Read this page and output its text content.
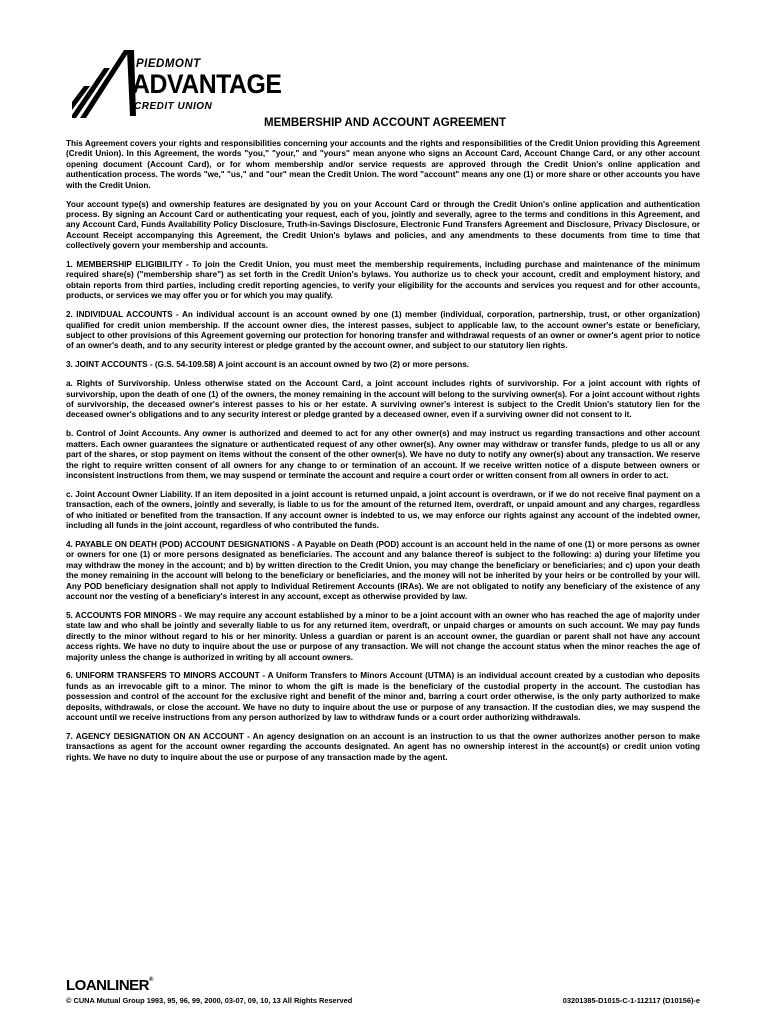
PIEDMONT
ADVANTAGE
CREDIT UNION
MEMBERSHIP AND ACCOUNT AGREEMENT

This Agreement covers your rights and responsibilities concerning your accounts and the rights and responsibilities of the Credit Union providing this Agreement (Credit Union). In this Agreement, the words "you," "your," and "yours" mean anyone who signs an Account Card, Account Change Card, or any other account opening document (Account Card), or for whom membership and/or service requests are approved through the Credit Union's online application and authentication process. The words "we," "us," and "our" mean the Credit Union. The word "account" means any one (1) or more share or other accounts you have with the Credit Union.

Your account type(s) and ownership features are designated by you on your Account Card or through the Credit Union's online application and authentication process. By signing an Account Card or authenticating your request, each of you, jointly and severally, agree to the terms and conditions in this Agreement, and any Account Card, Funds Availability Policy Disclosure, Truth-in-Savings Disclosure, Electronic Fund Transfers Agreement and Disclosure, Privacy Disclosure, or Account Receipt accompanying this Agreement, the Credit Union's bylaws and policies, and any amendments to these documents from time to time that collectively govern your membership and accounts.

1. MEMBERSHIP ELIGIBILITY - To join the Credit Union, you must meet the membership requirements, including purchase and maintenance of the minimum required share(s) ("membership share") as set forth in the Credit Union's bylaws. You authorize us to check your account, credit and employment history, and obtain reports from third parties, including credit reporting agencies, to verify your eligibility for the accounts and services you request and for other accounts, products, or services we may offer you or for which you may qualify.

2. INDIVIDUAL ACCOUNTS - An individual account is an account owned by one (1) member (individual, corporation, partnership, trust, or other organization) qualified for credit union membership. If the account owner dies, the interest passes, subject to applicable law, to the account owner's estate or beneficiary, subject to other provisions of this Agreement governing our protection for honoring transfer and withdrawal requests of an owner or owner's agent prior to notice of an owner's death, and to any security interest or pledge granted by the account owner, and subject to our statutory lien rights.

3. JOINT ACCOUNTS - (G.S. 54-109.58) A joint account is an account owned by two (2) or more persons.

a. Rights of Survivorship. Unless otherwise stated on the Account Card, a joint account includes rights of survivorship. For a joint account with rights of survivorship, upon the death of one (1) of the owners, the money remaining in the account will belong to the surviving owner(s). For a joint account without rights of survivorship, the deceased owner's interest passes to his or her estate. A surviving owner's interest is subject to the Credit Union's statutory lien for the deceased owner's obligations and to any security interest or pledge granted by a deceased owner, even if a surviving owner did not consent to it.

b. Control of Joint Accounts. Any owner is authorized and deemed to act for any other owner(s) and may instruct us regarding transactions and other account matters. Each owner guarantees the signature or authenticated request of any other owner(s). Any owner may withdraw or transfer funds, pledge to us all or any part of the shares, or stop payment on items without the consent of the other owner(s). We have no duty to notify any owner(s) about any transaction. We reserve the right to require written consent of all owners for any change to or termination of an account. If we receive written notice of a dispute between owners or inconsistent instructions from them, we may suspend or terminate the account and require a court order or written consent from all owners in order to act.

c. Joint Account Owner Liability. If an item deposited in a joint account is returned unpaid, a joint account is overdrawn, or if we do not receive final payment on a transaction, each of the owners, jointly and severally, is liable to us for the amount of the returned item, overdraft, or unpaid amount and any charges, regardless of who initiated or benefited from the transaction. If any account owner is indebted to us, we may enforce our rights against any account of the indebted owner, including all funds in the joint account, regardless of who contributed the funds.

4. PAYABLE ON DEATH (POD) ACCOUNT DESIGNATIONS - A Payable on Death (POD) account is an account held in the name of one (1) or more persons as owner or owners for one (1) or more persons designated as beneficiaries. The account and any balance thereof is subject to the following: a) during your lifetime you may withdraw the money in the account; and b) by written direction to the Credit Union, you may change the beneficiary or beneficiaries; and c) upon your death the money remaining in the account will belong to the beneficiary or beneficiaries, and the money will not be inherited by your heirs or be controlled by your will. Any POD beneficiary designation shall not apply to Individual Retirement Accounts (IRAs). We are not obligated to notify any beneficiary of the existence of any account nor the vesting of a beneficiary's interest in any account, except as otherwise provided by law.

5. ACCOUNTS FOR MINORS - We may require any account established by a minor to be a joint account with an owner who has reached the age of majority under state law and who shall be jointly and severally liable to us for any returned item, overdraft, or unpaid charges or amounts on such account. We may pay funds directly to the minor without regard to his or her minority. Unless a guardian or parent is an account owner, the guardian or parent shall not have any account access rights. We have no duty to inquire about the use or purpose of any transaction. We will not change the account status when the minor reaches the age of majority unless the change is authorized in writing by all account owners.

6. UNIFORM TRANSFERS TO MINORS ACCOUNT - A Uniform Transfers to Minors Account (UTMA) is an individual account created by a custodian who deposits funds as an irrevocable gift to a minor. The minor to whom the gift is made is the beneficiary of the custodial property in the account. The custodian has possession and control of the account for the exclusive right and benefit of the minor and, barring a court order otherwise, is the only party authorized to make deposits, withdrawals, or close the account. We have no duty to inquire about the use or purpose of any transaction. If the custodian dies, we may suspend the account until we receive instructions from any person authorized by law to withdraw funds or a court order authorizing withdrawals.

7. AGENCY DESIGNATION ON AN ACCOUNT - An agency designation on an account is an instruction to us that the owner authorizes another person to make transactions as agent for the account owner regarding the accounts designated. An agent has no ownership interest in the account(s) or credit union voting rights. We have no duty to inquire about the use or purpose of any transaction made by the agent.

LOANLINER®
© CUNA Mutual Group 1993, 95, 96, 99, 2000, 03-07, 09, 10, 13 All Rights Reserved	03201385-D1015-C-1-112117 (D10156)-e
